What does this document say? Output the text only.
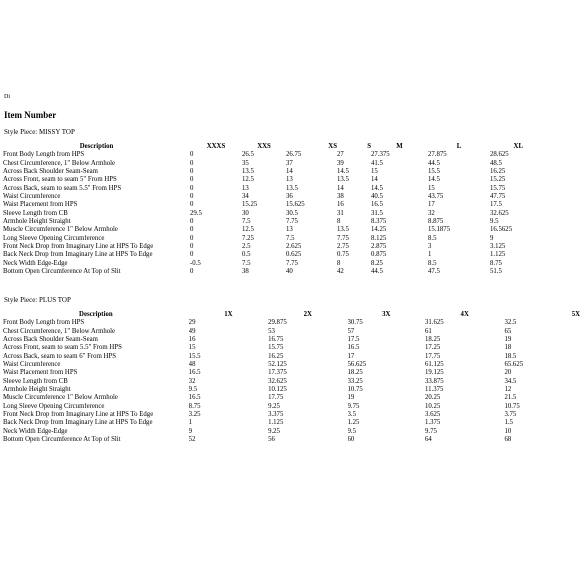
Di
Item Number
Style Piece: MISSY TOP
Description	XXXS	XXS	XS	S	M	L	XL
Front Body Length from HPS	0	26.5	26.75	27	27.375	27.875	28.625
Chest Circumference, 1" Below Armhole	0	35	37	39	41.5	44.5	48.5
Across Back Shoulder Seam-Seam	0	13.5	14	14.5	15	15.5	16.25
Across Front, seam to seam 5" From HPS	0	12.5	13	13.5	14	14.5	15.25
Across Back, seam to seam 5.5" From HPS	0	13	13.5	14	14.5	15	15.75
Waist Circumference	0	34	36	38	40.5	43.75	47.75
Waist Placement from HPS	0	15.25	15.625	16	16.5	17	17.5
Sleeve Length from CB	29.5	30	30.5	31	31.5	32	32.625
Armhole Height Straight	0	7.5	7.75	8	8.375	8.875	9.5
Muscle Circumference 1" Below Armhole	0	12.5	13	13.5	14.25	15.1875	16.5625
Long Sleeve Opening Circumference	0	7.25	7.5	7.75	8.125	8.5	9
Front Neck Drop from Imaginary Line at HPS To Edge	0	2.5	2.625	2.75	2.875	3	3.125
Back Neck Drop from Imaginary Line at HPS To Edge	0	0.5	0.625	0.75	0.875	1	1.125
Neck Width Edge-Edge	-0.5	7.5	7.75	8	8.25	8.5	8.75
Bottom Open Circumference At Top of Slit	0	38	40	42	44.5	47.5	51.5
Style Piece: PLUS TOP
Description	1X	2X	3X	4X	5X
Front Body Length from HPS	29	29.875	30.75	31.625	32.5
Chest Circumference, 1" Below Armhole	49	53	57	61	65
Across Back Shoulder Seam-Seam	16	16.75	17.5	18.25	19
Across Front, seam to seam 5.5" From HPS	15	15.75	16.5	17.25	18
Across Back, seam to seam 6" From HPS	15.5	16.25	17	17.75	18.5
Waist Circumference	48	52.125	56.625	61.125	65.625
Waist Placement from HPS	16.5	17.375	18.25	19.125	20
Sleeve Length from CB	32	32.625	33.25	33.875	34.5
Armhole Height Straight	9.5	10.125	10.75	11.375	12
Muscle Circumference 1" Below Armhole	16.5	17.75	19	20.25	21.5
Long Sleeve Opening Circumference	8.75	9.25	9.75	10.25	10.75
Front Neck Drop from Imaginary Line at HPS To Edge	3.25	3.375	3.5	3.625	3.75
Back Neck Drop from Imaginary Line at HPS To Edge	1	1.125	1.25	1.375	1.5
Neck Width Edge-Edge	9	9.25	9.5	9.75	10
Bottom Open Circumference At Top of Slit	52	56	60	64	68
